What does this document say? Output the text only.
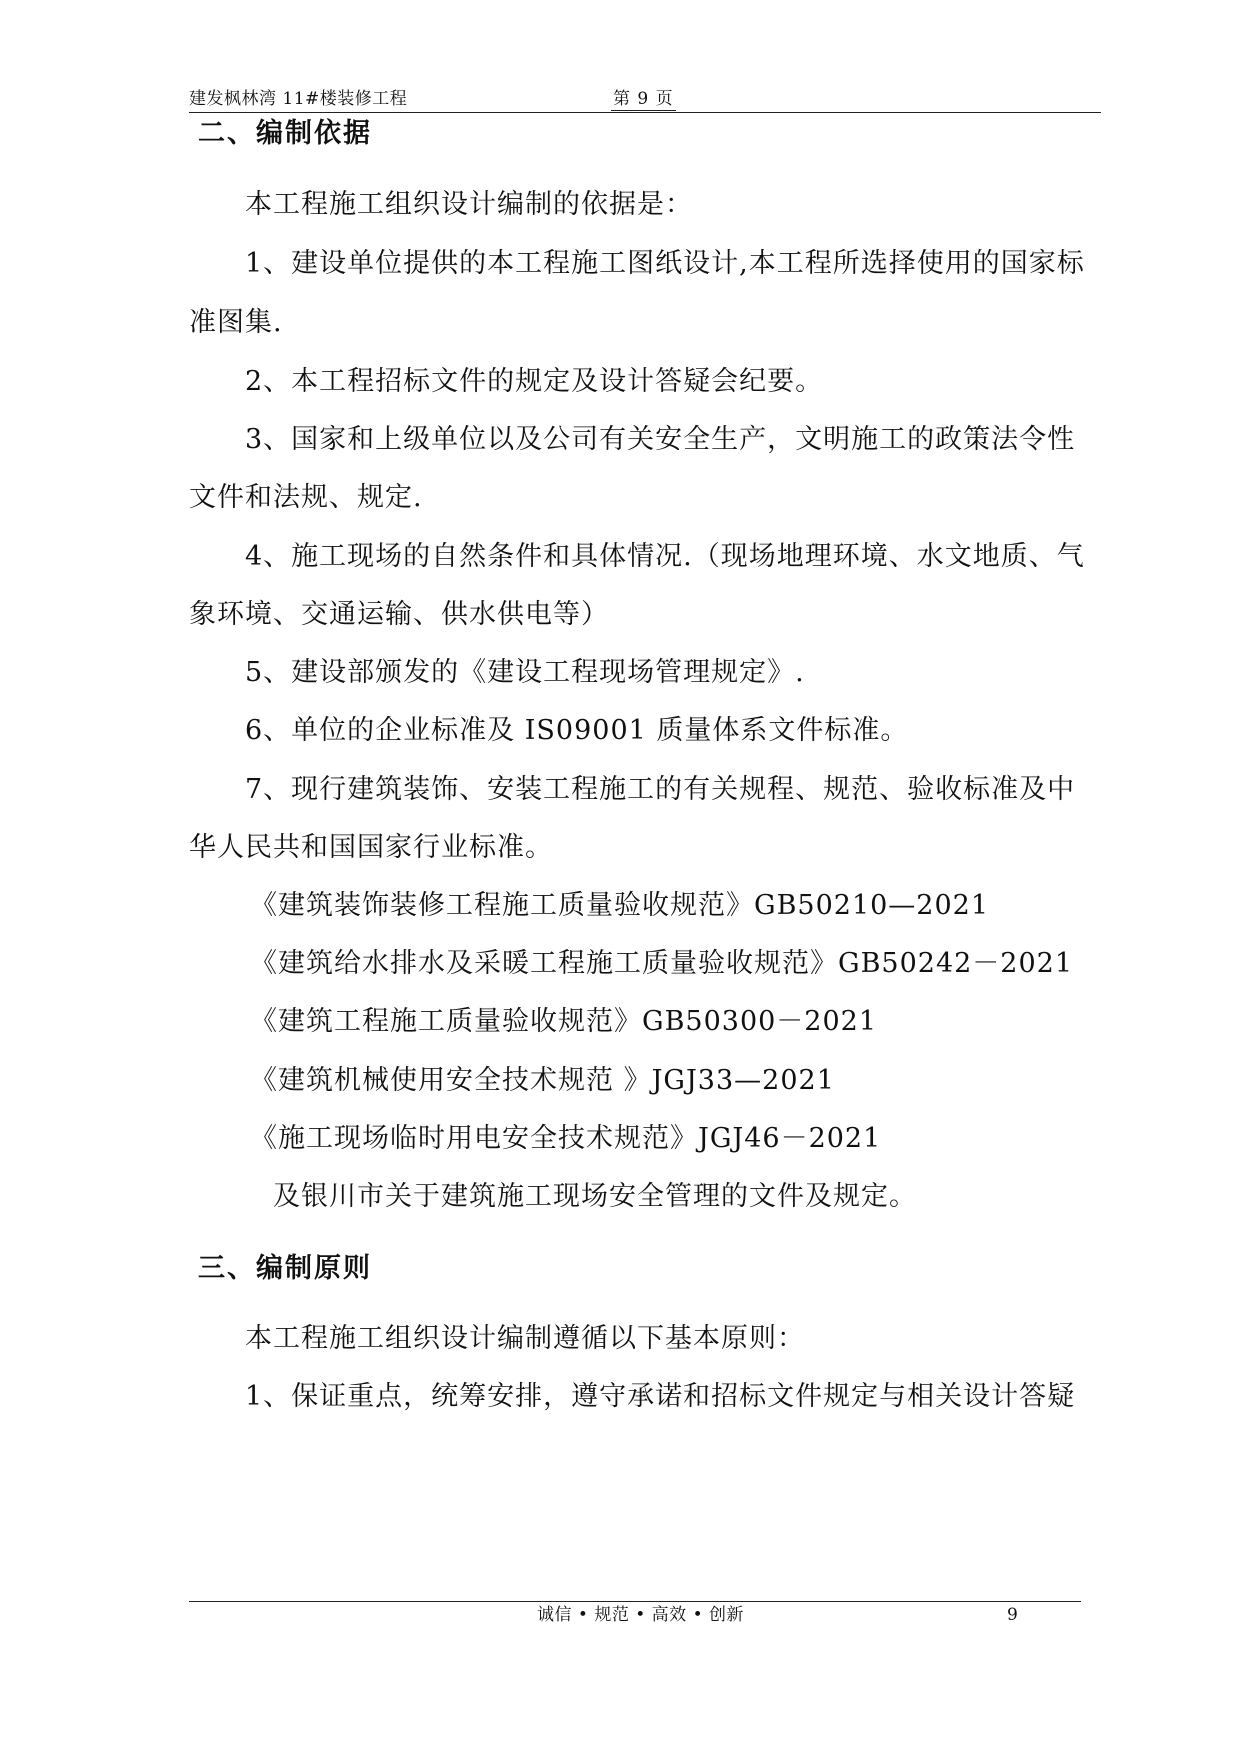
建发枫林湾 11#楼装修工程	第 9 页
二、编制依据
本工程施工组织设计编制的依据是：
1、建设单位提供的本工程施工图纸设计,本工程所选择使用的国家标
准图集.
2、本工程招标文件的规定及设计答疑会纪要。
3、国家和上级单位以及公司有关安全生产，文明施工的政策法令性
文件和法规、规定.
4、施工现场的自然条件和具体情况.（现场地理环境、水文地质、气
象环境、交通运输、供水供电等）
5、建设部颁发的《建设工程现场管理规定》.
6、单位的企业标准及 IS09001 质量体系文件标准。
7、现行建筑装饰、安装工程施工的有关规程、规范、验收标准及中
华人民共和国国家行业标准。
《建筑装饰装修工程施工质量验收规范》GB50210—2021
《建筑给水排水及采暖工程施工质量验收规范》GB50242－2021
《建筑工程施工质量验收规范》GB50300－2021
《建筑机械使用安全技术规范 》JGJ33—2021
《施工现场临时用电安全技术规范》JGJ46－2021
及银川市关于建筑施工现场安全管理的文件及规定。
三、编制原则
本工程施工组织设计编制遵循以下基本原则：
1、保证重点，统筹安排，遵守承诺和招标文件规定与相关设计答疑
诚信 • 规范 • 高效 • 创新	9
